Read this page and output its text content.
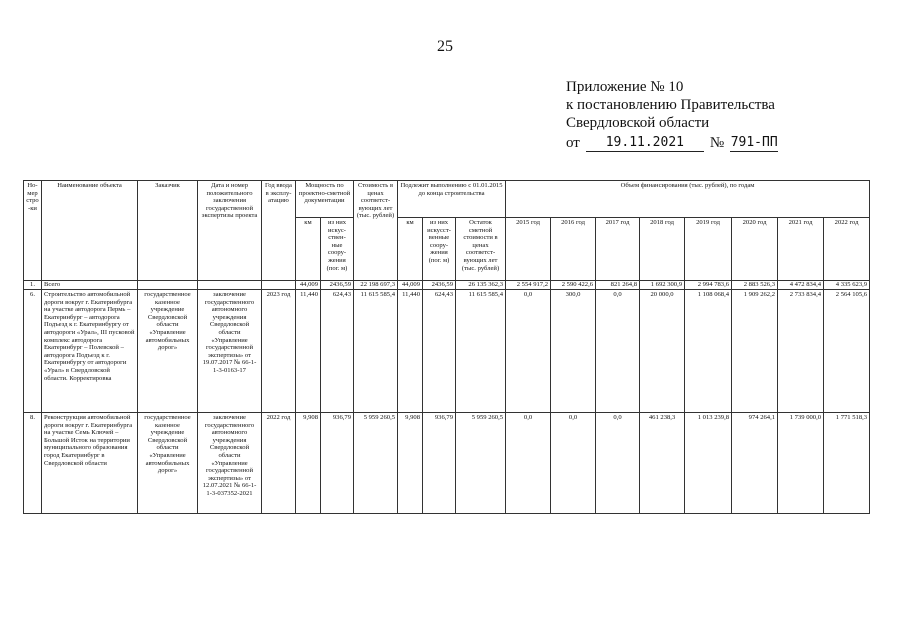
25
Приложение № 10
к постановлению Правительства
Свердловской области
от	19.11.2021	№ 791-ПП
Но-мер стро-ки	Наименование объекта	Заказчик	Дата и номер положительного заключения государственной экспертизы проекта	Год ввода в эксплу-атацию	Мощность по проектно-сметной документации		Стоимость в ценах соответст-вующих лет (тыс. рублей)	Подлежит выполнению с 01.01.2015 до конца строительства			Объем финансирования (тыс. рублей), по годам							
					км	из них искус-ствен-ные соору-жения (пог. м)		км	из них искусст-венные соору-жения (пог. м)	Остаток сметной стоимости в ценах соответст-вующих лет (тыс. рублей)	2015 год	2016 год	2017 год	2018 год	2019 год	2020 год	2021 год	2022 год
1.	Всего				44,009	2436,59	22 198 697,3	44,009	2436,59	26 135 362,3	2 554 917,2	2 590 422,6	821 264,8	1 692 300,9	2 994 783,6	2 883 526,3	4 472 834,4	4 335 623,9
6.	Строительство автомобильной дороги вокруг г. Екатеринбурга на участке автодорога Пермь – Екатеринбург – автодорога Подъезд к г. Екатеринбургу от автодороги «Урал», III пусковой комплекс автодорога Екатеринбург – Полевской – автодорога Подъезд к г. Екатеринбургу от автодороги «Урал» в Свердловской области. Корректировка	государственное казенное учреждение Свердловской области «Управление автомобильных дорог»	заключение государственного автономного учреждения Свердловской области «Управление государственной экспертизы» от 19.07.2017 № 66-1-1-3-0163-17	2023 год	11,440	624,43	11 615 585,4	11,440	624,43	11 615 585,4	0,0	300,0	0,0	20 000,0	1 108 068,4	1 909 262,2	2 733 834,4	2 564 105,6
8.	Реконструкция автомобильной дороги вокруг г. Екатеринбурга на участке Семь Ключей – Большой Исток на территории муниципального образования город Екатеринбург в Свердловской области	государственное казенное учреждение Свердловской области «Управление автомобильных дорог»	заключение государственного автономного учреждения Свердловской области «Управление государственной экспертизы» от 12.07.2021 № 66-1-1-3-037352-2021	2022 год	9,908	936,79	5 959 260,5	9,908	936,79	5 959 260,5	0,0	0,0	0,0	461 238,3	1 013 239,8	974 264,1	1 739 000,0	1 771 518,3
